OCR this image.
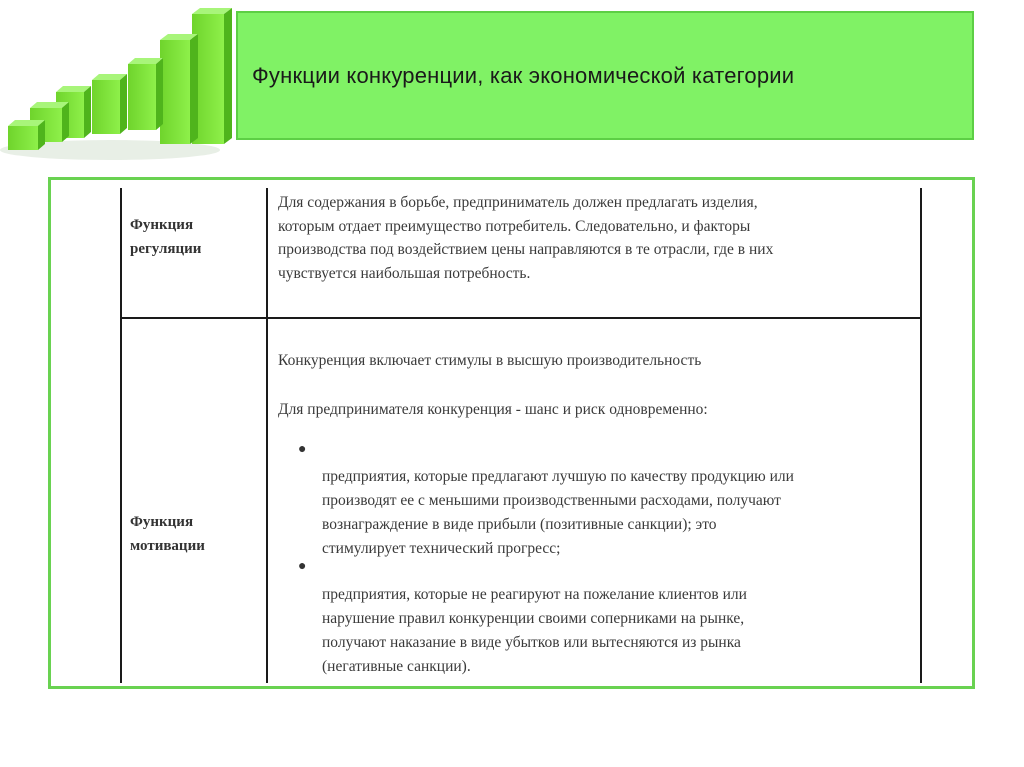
Функции конкуренции, как экономической категории
Функция
регуляции

Для содержания в борьбе, предприниматель должен предлагать изделия,

которым отдает преимущество потребитель. Следовательно, и факторы

производства под воздействием цены направляются в те отрасли, где в них

чувствуется наибольшая потребность.

Функция
мотивации
Конкуренция включает стимулы в высшую производительность
Для предпринимателя конкуренция - шанс и риск одновременно:
●

предприятия, которые предлагают лучшую по качеству продукцию или

производят ее с меньшими производственными расходами, получают

вознаграждение в виде прибыли (позитивные санкции); это

стимулирует технический прогресс;

●

предприятия, которые не реагируют на пожелание клиентов или

нарушение правил конкуренции своими соперниками на рынке,

получают наказание в виде убытков или вытесняются из рынка

(негативные санкции).
